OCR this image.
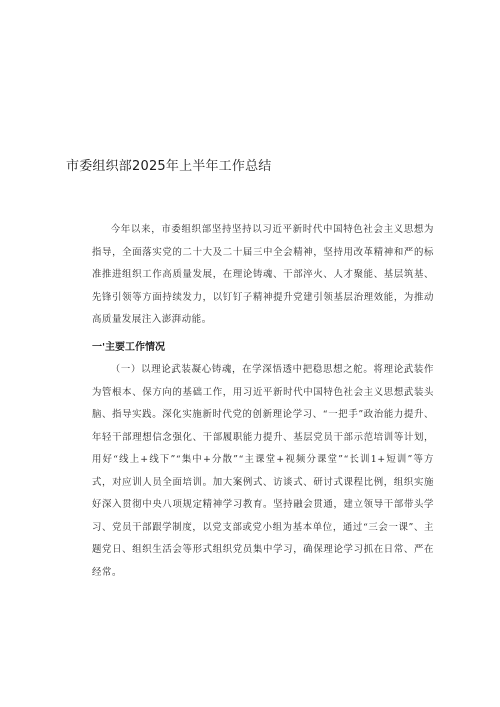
市委组织部2025年上半年工作总结

今年以来，市委组织部坚持坚持以习近平新时代中国特色社会主义思想为指导，全面落实党的二十大及二十届三中全会精神，坚持用改革精神和严的标准推进组织工作高质量发展，在理论铸魂、干部淬火、人才聚能、基层筑基、先锋引领等方面持续发力，以钉钉子精神提升党建引领基层治理效能，为推动高质量发展注入澎湃动能。

一'主要工作情况

（一）以理论武装凝心铸魂，在学深悟透中把稳思想之舵。将理论武装作为管根本、保方向的基础工作，用习近平新时代中国特色社会主义思想武装头脑、指导实践。深化实施新时代党的创新理论学习、“一把手”政治能力提升、年轻干部理想信念强化、干部履职能力提升、基层党员干部示范培训等计划，用好“线上+线下”“集中+分散”“主课堂+视频分课堂”“长训1+短训”等方式，对应训人员全面培训。加大案例式、访谈式、研讨式课程比例，组织实施好深入贯彻中央八项规定精神学习教育。坚持融会贯通，建立领导干部带头学习、党员干部跟学制度，以党支部或党小组为基本单位，通过“三会一课”、主题党日、组织生活会等形式组织党员集中学习，确保理论学习抓在日常、严在经常。
